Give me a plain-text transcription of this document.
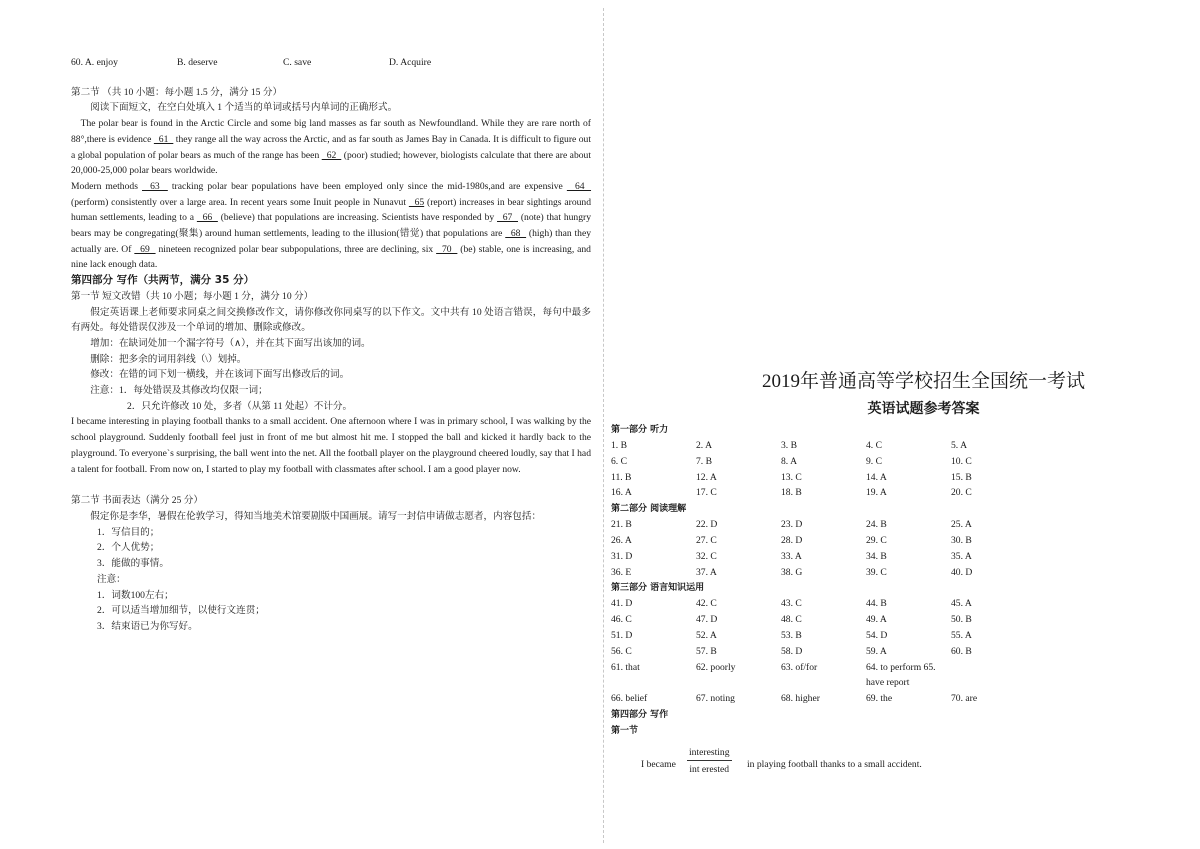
60. A. enjoy	B. deserve	C. save	D. Acquire
第二节 （共 10 小题：每小题 1.5 分，满分 15 分）
阅读下面短文，在空白处填入 1 个适当的单词或括号内单词的正确形式。
The polar bear is found in the Arctic Circle and some big land masses as far south as Newfoundland. While they are rare north of 88°,there is evidence   61   they range all the way across the Arctic, and as far south as James Bay in Canada. It is difficult to figure out a global population of polar bears as much of the range has been   62   (poor) studied; however, biologists calculate that there are about 20,000-25,000 polar bears worldwide.
Modern methods   63   tracking polar bear populations have been employed only since the mid-1980s,and are expensive   64   (perform) consistently over a large area. In recent years some Inuit people in Nunavut   65 (report) increases in bear sightings around human settlements, leading to a   66   (believe) that populations are increasing. Scientists have responded by   67   (note) that hungry bears may be congregating(聚集) around human settlements, leading to the illusion(错觉) that populations are   68   (high) than they actually are. Of   69   nineteen recognized polar bear subpopulations, three are declining, six   70   (be) stable, one is increasing, and nine lack enough data.
第四部分 写作（共两节，满分 35 分）
第一节 短文改错（共 10 小题；每小题 1 分，满分 10 分）
假定英语课上老师要求同桌之间交换修改作文，请你修改你同桌写的以下作文。文中共有 10 处语言错误，每句中最多有两处。每处错误仅涉及一个单词的增加、删除或修改。
增加：在缺词处加一个漏字符号（∧），并在其下面写出该加的词。
删除：把多余的词用斜线（\）划掉。
修改：在错的词下划一横线，并在该词下面写出修改后的词。
注意：1．每处错误及其修改均仅限一词；
2．只允许修改 10 处，多者（从第 11 处起）不计分。
I became interesting in playing football thanks to a small accident. One afternoon where I was in primary school, I was walking by the school playground. Suddenly football feel just in front of me but almost hit me. I stopped the ball and kicked it hardly back to the playground. To everyone`s surprising, the ball went into the net. All the football player on the playground cheered loudly, say that I had a talent for football. From now on, I started to play my football with classmates after school. I am a good player now.
第二节 书面表达（满分 25 分）
假定你是李华，暑假在伦敦学习，得知当地美术馆要剧版中国画展。请写一封信申请做志愿者，内容包括：
1．写信目的；
2．个人优势；
3．能做的事情。
注意：
1．词数100左右；
2．可以适当增加细节，以使行文连贯；
3．结束语已为你写好。
2019年普通高等学校招生全国统一考试
英语试题参考答案
第一部分 听力
1. B	2. A	3. B	4. C	5. A
6. C	7. B	8. A	9. C	10. C
11. B	12. A	13. C	14. A	15. B
16. A	17. C	18. B	19. A	20. C
第二部分 阅读理解
21. B	22. D	23. D	24. B	25. A
26. A	27. C	28. D	29. C	30. B
31. D	32. C	33. A	34. B	35. A
36. E	37. A	38. G	39. C	40. D
第三部分 语言知识运用
41. D	42. C	43. C	44. B	45. A
46. C	47. D	48. C	49. A	50. B
51. D	52. A	53. B	54. D	55. A
56. C	57. B	58. D	59. A	60. B
61. that	62. poorly	63. of/for	64. to perform 65. have report
66. belief	67. noting	68. higher	69. the	70. are
第四部分 写作
第一节
I became
interesting
int erested in playing football thanks to a small accident.
